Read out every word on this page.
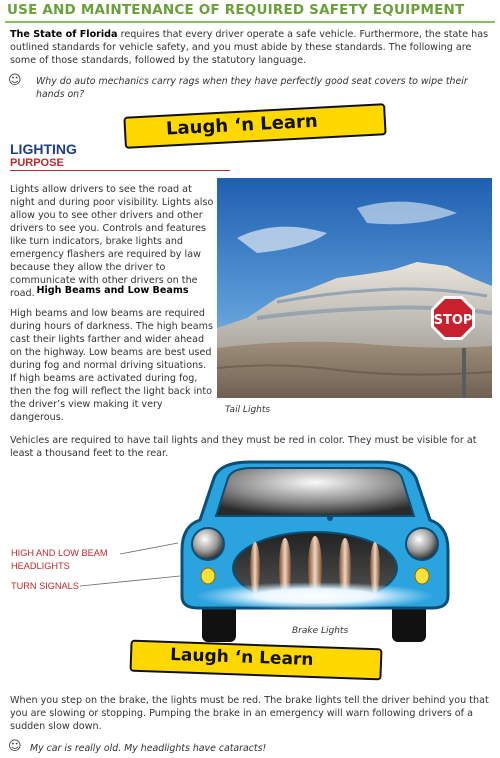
USE AND MAINTENANCE OF REQUIRED SAFETY EQUIPMENT
The State of Florida requires that every driver operate a safe vehicle. Furthermore, the state has outlined standards for vehicle safety, and you must abide by these standards. The following are some of those standards, followed by the statutory language.
☺ Why do auto mechanics carry rags when they have perfectly good seat covers to wipe their hands on?
Laugh ‘n Learn
LIGHTING
PURPOSE
Lights allow drivers to see the road at night and during poor visibility. Lights also allow you to see other drivers and other drivers to see you. Controls and features like turn indicators, brake lights and emergency flashers are required by law because they allow the driver to communicate with other drivers on the road. High Beams and Low Beams
High beams and low beams are required during hours of darkness. The high beams cast their lights farther and wider ahead on the highway. Low beams are best used during fog and normal driving situations. If high beams are activated during fog, then the fog will reflect the light back into the driver’s view making it very dangerous.
STOP
Tail Lights
Vehicles are required to have tail lights and they must be red in color. They must be visible for at least a thousand feet to the rear.
HIGH AND LOW BEAM
HEADLIGHTS
TURN SIGNALS
Brake Lights
Laugh ‘n Learn
When you step on the brake, the lights must be red. The brake lights tell the driver behind you that you are slowing or stopping. Pumping the brake in an emergency will warn following drivers of a sudden slow down.
☺ My car is really old. My headlights have cataracts!
